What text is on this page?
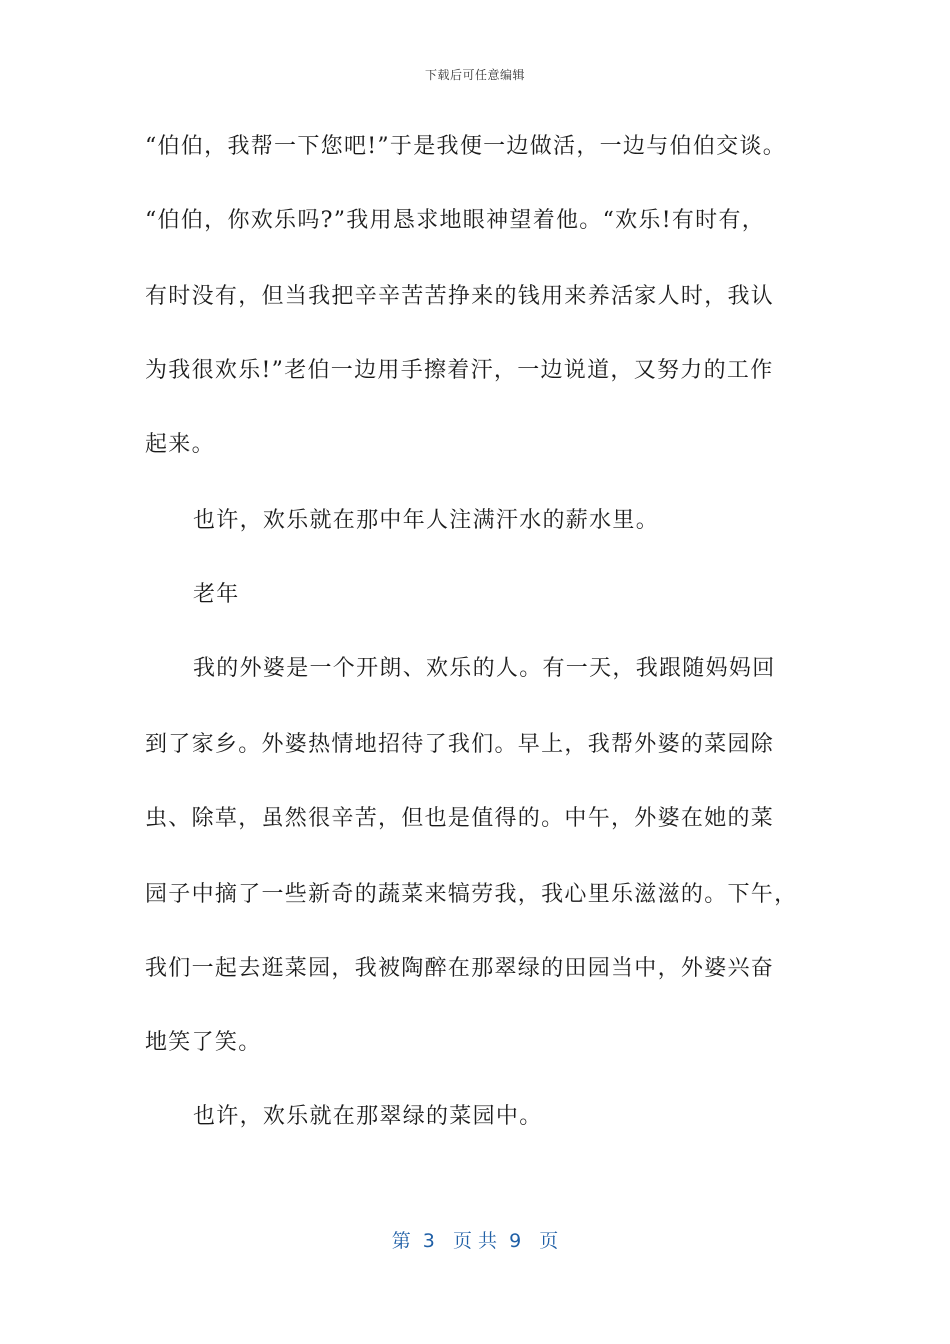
下载后可任意编辑
“伯伯，我帮一下您吧!”于是我便一边做活，一边与伯伯交谈。
“伯伯，你欢乐吗?”我用恳求地眼神望着他。“欢乐!有时有，
有时没有，但当我把辛辛苦苦挣来的钱用来养活家人时，我认
为我很欢乐!”老伯一边用手擦着汗，一边说道，又努力的工作
起来。
也许，欢乐就在那中年人注满汗水的薪水里。
老年
我的外婆是一个开朗、欢乐的人。有一天，我跟随妈妈回
到了家乡。外婆热情地招待了我们。早上，我帮外婆的菜园除
虫、除草，虽然很辛苦，但也是值得的。中午，外婆在她的菜
园子中摘了一些新奇的蔬菜来犒劳我，我心里乐滋滋的。下午，
我们一起去逛菜园，我被陶醉在那翠绿的田园当中，外婆兴奋
地笑了笑。
也许，欢乐就在那翠绿的菜园中。
第  3   页 共  9   页
